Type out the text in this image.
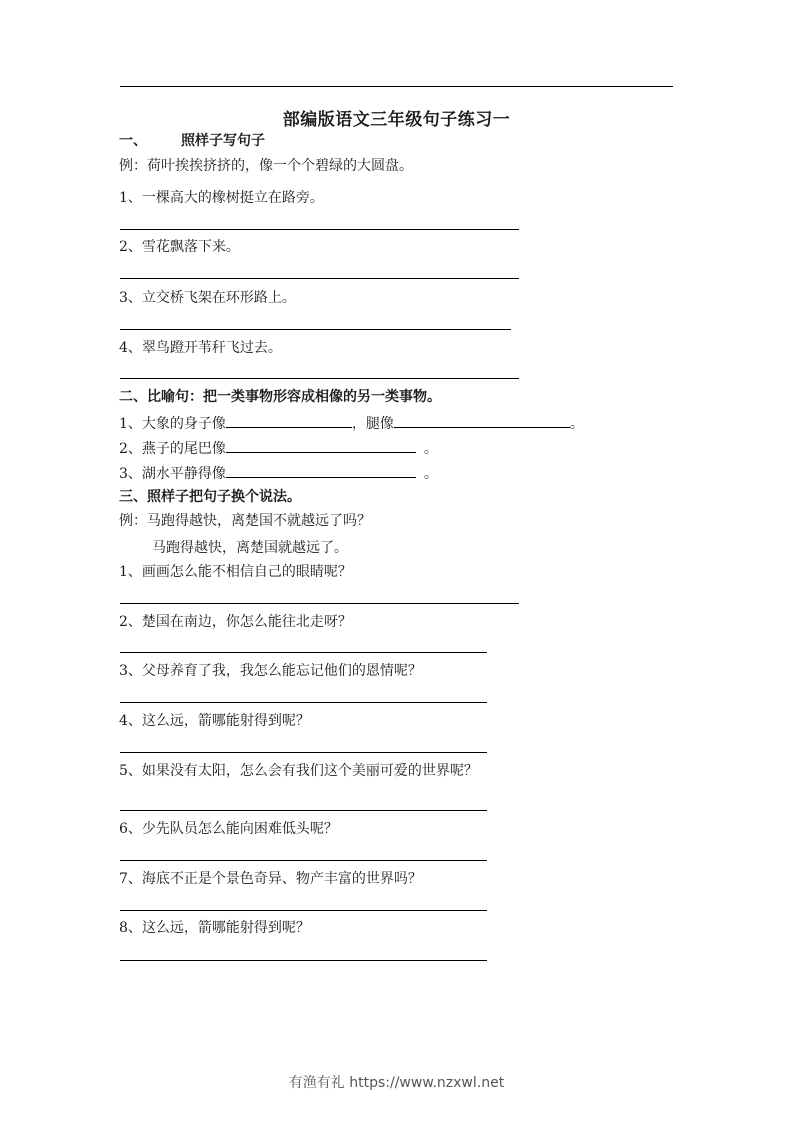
部编版语文三年级句子练习一
一、 照样子写句子
例：荷叶挨挨挤挤的，像一个个碧绿的大圆盘。
1、一棵高大的橡树挺立在路旁。
2、雪花飘落下来。
3、立交桥飞架在环形路上。
4、翠鸟蹬开苇秆飞过去。
二、比喻句：把一类事物形容成相像的另一类事物。
1、大象的身子像	，腿像	。
2、燕子的尾巴像	。
3、湖水平静得像	。
三、照样子把句子换个说法。
例：马跑得越快，离楚国不就越远了吗？
马跑得越快，离楚国就越远了。
1、画画怎么能不相信自己的眼睛呢？
2、楚国在南边，你怎么能往北走呀？
3、父母养育了我，我怎么能忘记他们的恩情呢？
4、这么远，箭哪能射得到呢？
5、如果没有太阳，怎么会有我们这个美丽可爱的世界呢？
6、少先队员怎么能向困难低头呢？
7、海底不正是个景色奇异、物产丰富的世界吗？
8、这么远，箭哪能射得到呢？
有渔有礼 https://www.nzxwl.net
